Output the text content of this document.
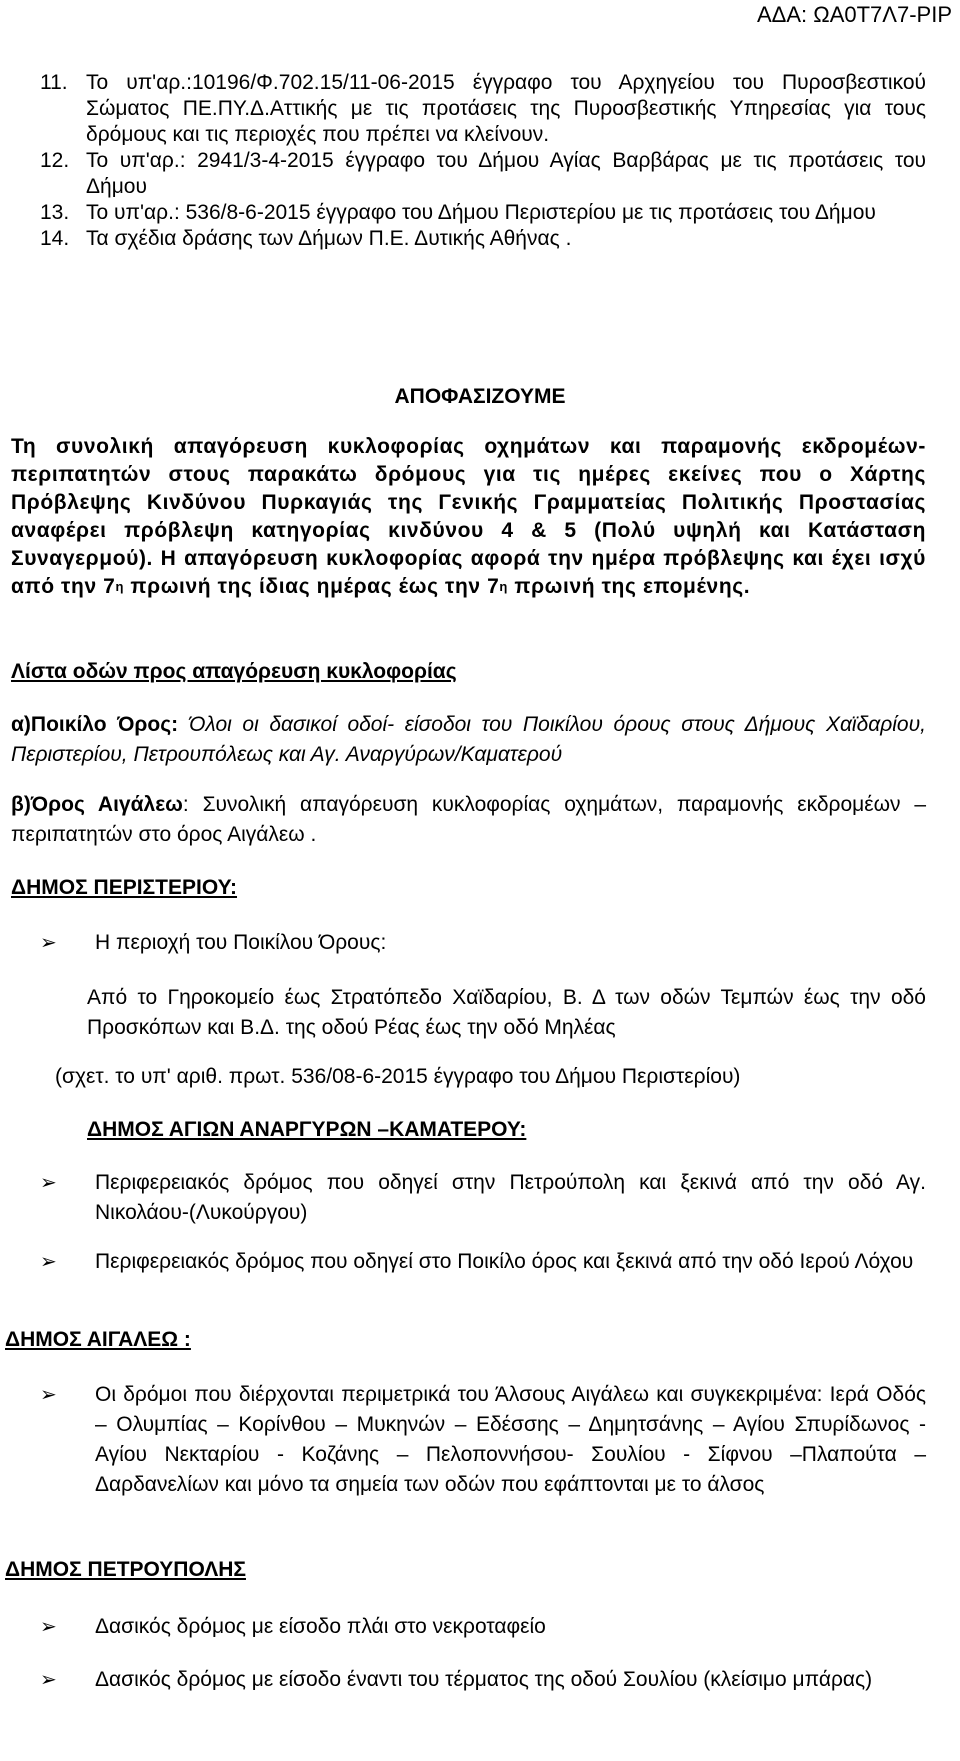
ΑΔΑ: ΩΑ0Τ7Λ7-ΡΙΡ
11. Το υπ'αρ.:10196/Φ.702.15/11-06-2015 έγγραφο του Αρχηγείου του Πυροσβεστικού Σώματος ΠΕ.ΠΥ.Δ.Αττικής με τις προτάσεις της Πυροσβεστικής Υπηρεσίας για τους δρόμους και τις περιοχές που πρέπει να κλείνουν.
12. Το υπ'αρ.: 2941/3-4-2015 έγγραφο του Δήμου Αγίας Βαρβάρας με τις προτάσεις του Δήμου
13. Το υπ'αρ.: 536/8-6-2015 έγγραφο του Δήμου Περιστερίου με τις προτάσεις του Δήμου
14. Τα σχέδια δράσης των Δήμων Π.Ε. Δυτικής Αθήνας .
ΑΠΟΦΑΣΙΖΟΥΜΕ
Τη συνολική απαγόρευση κυκλοφορίας οχημάτων και παραμονής εκδρομέων-περιπατητών στους παρακάτω δρόμους για τις ημέρες εκείνες που ο Χάρτης Πρόβλεψης Κινδύνου Πυρκαγιάς της Γενικής Γραμματείας Πολιτικής Προστασίας αναφέρει πρόβλεψη κατηγορίας κινδύνου 4 & 5 (Πολύ υψηλή και Κατάσταση Συναγερμού). Η απαγόρευση κυκλοφορίας αφορά την ημέρα πρόβλεψης και έχει ισχύ από την $7^\eta$ πρωινή της ίδιας ημέρας έως την $7^\eta$ πρωινή της επομένης.
Λίστα οδών προς απαγόρευση κυκλοφορίας
α)Ποικίλο Όρος: Όλοι οι δασικοί οδοί- είσοδοι του Ποικίλου όρους στους Δήμους Χαϊδαρίου, Περιστερίου, Πετρουπόλεως και Αγ. Αναργύρων/Καματερού
β)Όρος Αιγάλεω: Συνολική απαγόρευση κυκλοφορίας οχημάτων, παραμονής εκδρομέων – περιπατητών στο όρος Αιγάλεω .
ΔΗΜΟΣ ΠΕΡΙΣΤΕΡΙΟΥ:
➢	Η περιοχή του Ποικίλου Όρους:
Από το Γηροκομείο έως Στρατόπεδο Χαϊδαρίου, Β. Δ των οδών Τεμπών έως την οδό Προσκόπων και Β.Δ. της οδού Ρέας έως την οδό Μηλέας
(σχετ. το υπ' αριθ. πρωτ. 536/08-6-2015 έγγραφο του Δήμου Περιστερίου)
ΔΗΜΟΣ ΑΓΙΩΝ ΑΝΑΡΓΥΡΩΝ –ΚΑΜΑΤΕΡΟΥ:
➢	Περιφερειακός δρόμος που οδηγεί στην Πετρούπολη και ξεκινά από την οδό Αγ. Νικολάου-(Λυκούργου)
➢	Περιφερειακός δρόμος που οδηγεί στο Ποικίλο όρος και ξεκινά από την οδό Ιερού Λόχου
ΔΗΜΟΣ ΑΙΓΑΛΕΩ :
➢	Οι δρόμοι που διέρχονται περιμετρικά του Άλσους Αιγάλεω και συγκεκριμένα: Ιερά Οδός – Ολυμπίας – Κορίνθου – Μυκηνών – Εδέσσης – Δημητσάνης – Αγίου Σπυρίδωνος - Αγίου Νεκταρίου - Κοζάνης – Πελοποννήσου- Σουλίου - Σίφνου –Πλαπούτα – Δαρδανελίων και μόνο τα σημεία των οδών που εφάπτονται με το άλσος
ΔΗΜΟΣ ΠΕΤΡΟΥΠΟΛΗΣ
➢	Δασικός δρόμος με είσοδο πλάι στο νεκροταφείο
➢	Δασικός δρόμος με είσοδο έναντι του τέρματος της οδού Σουλίου (κλείσιμο μπάρας)
